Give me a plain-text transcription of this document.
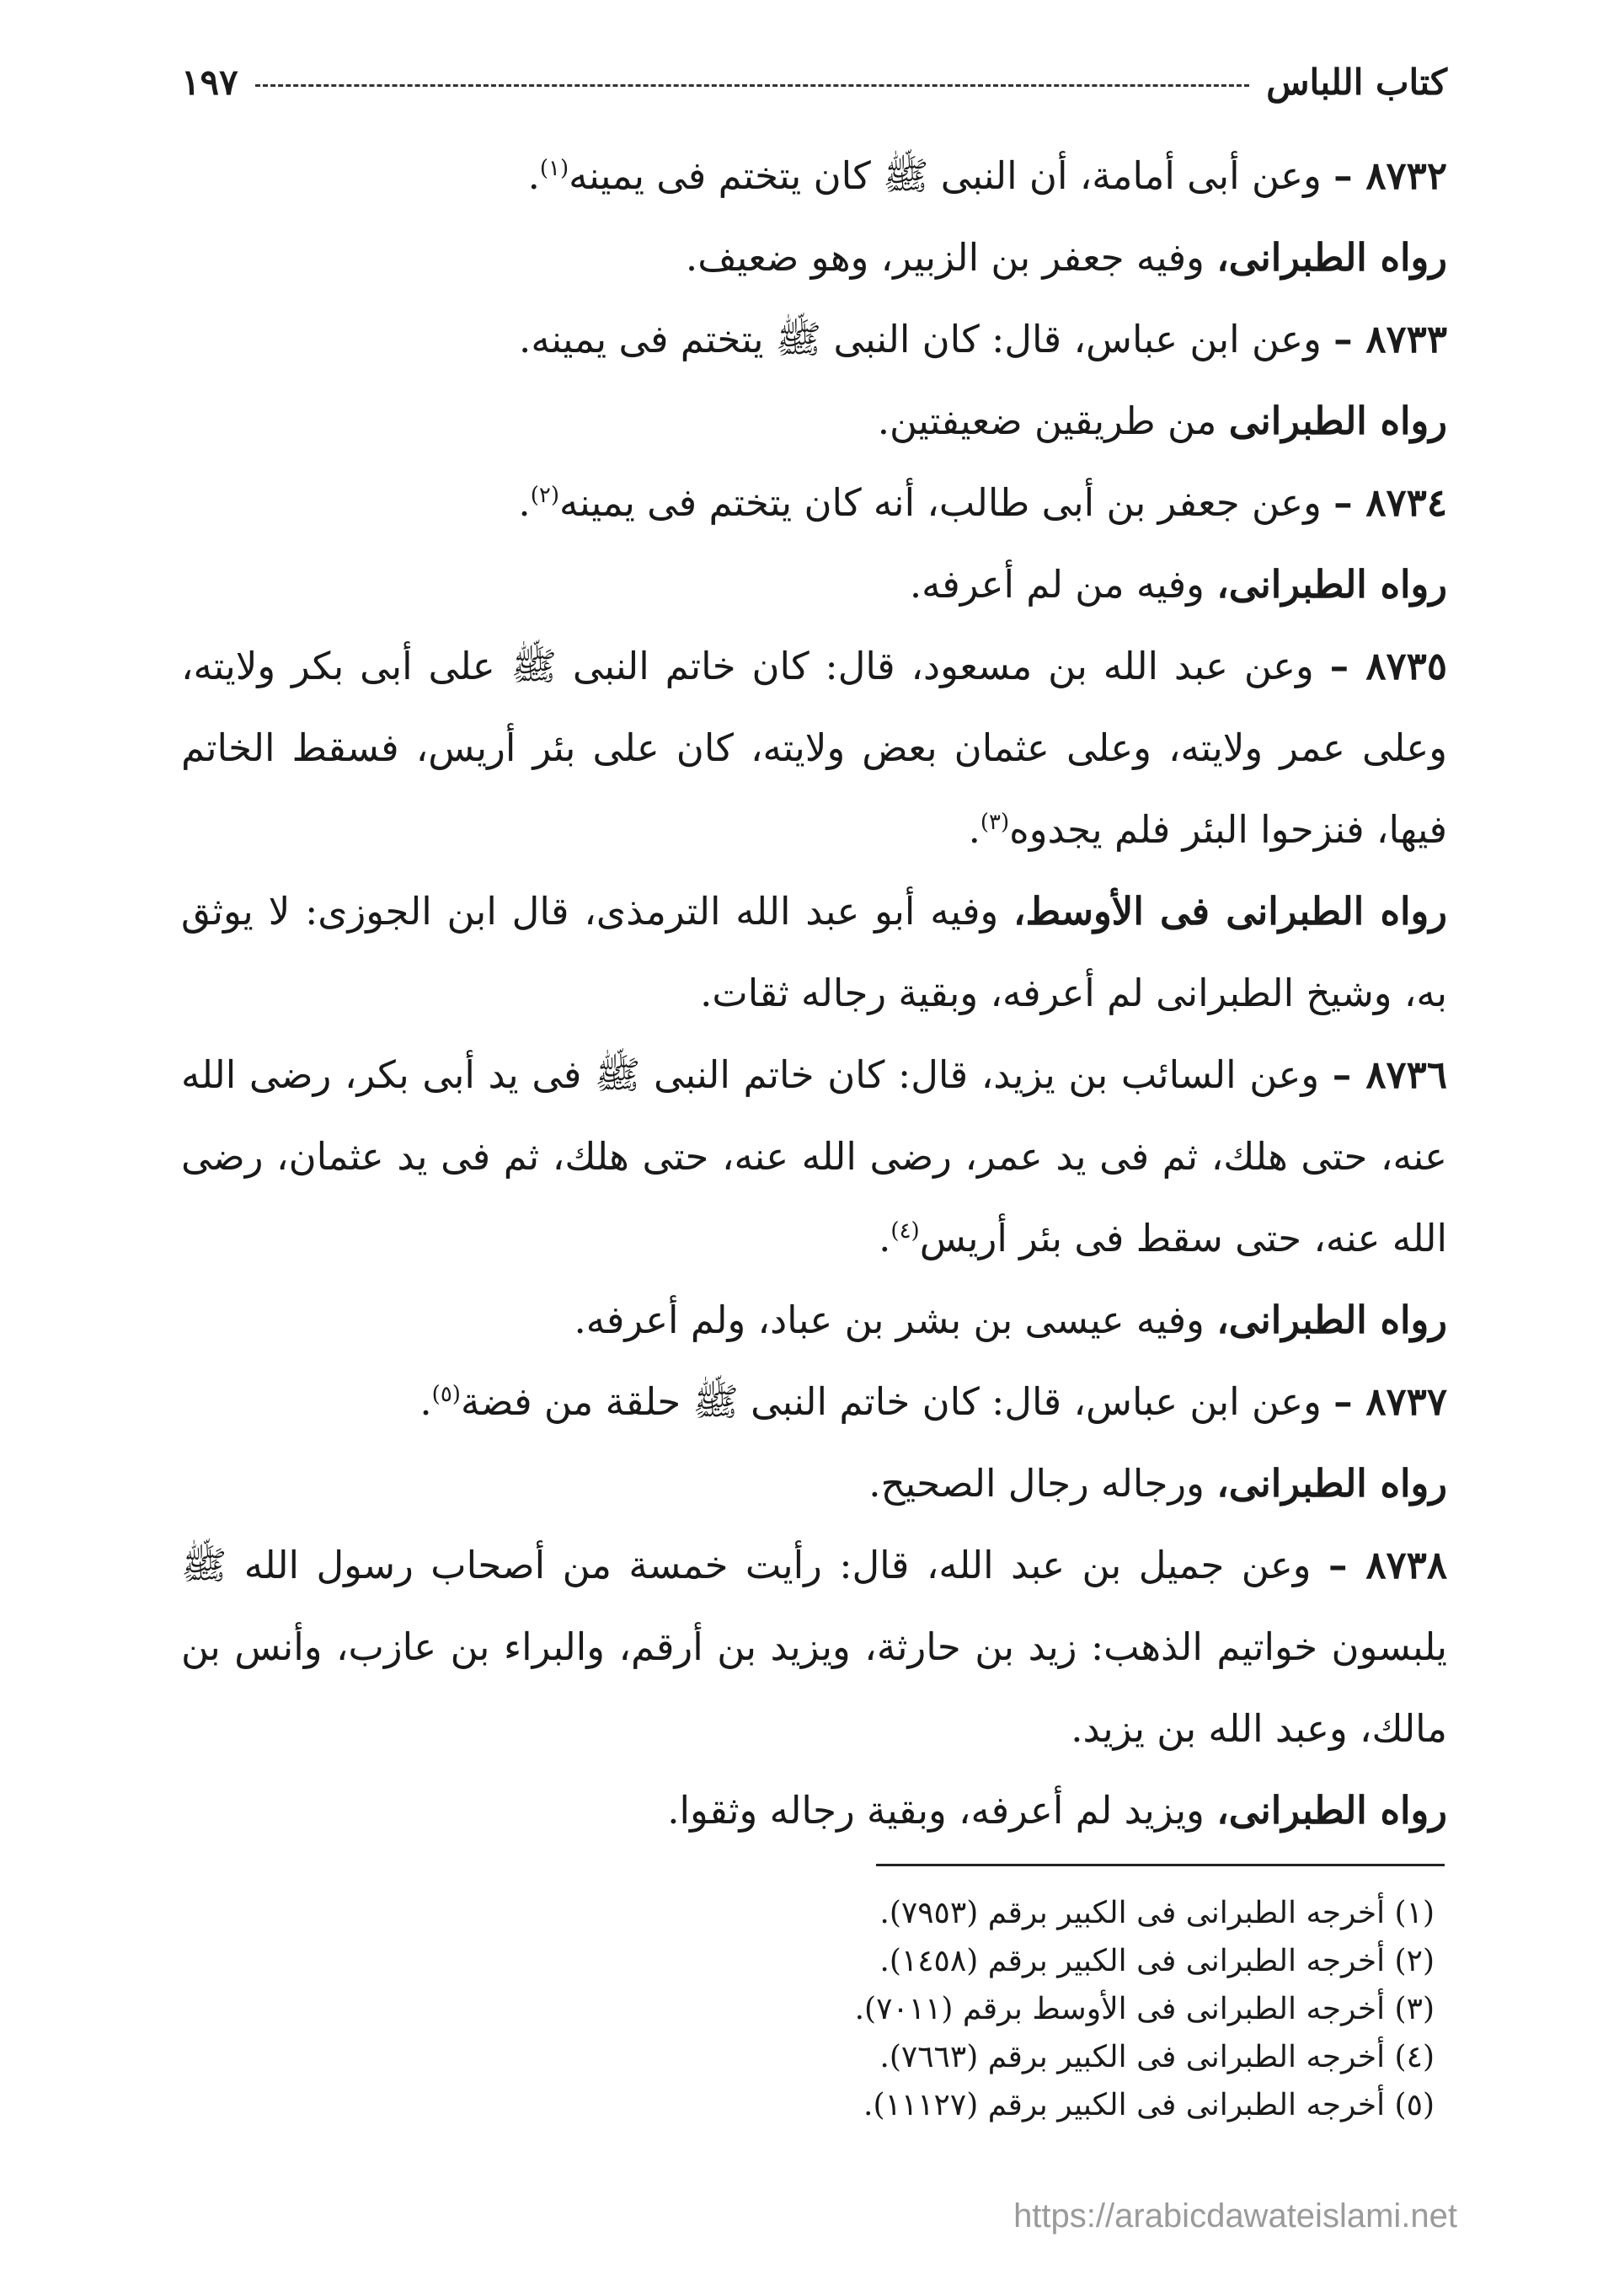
كتاب اللباس
١٩٧

٨٧٣٢ – وعن أبى أمامة، أن النبى ﷺ كان يتختم فى يمينه$^{(١)}$.

رواه الطبرانى، وفيه جعفر بن الزبير، وهو ضعيف.

٨٧٣٣ – وعن ابن عباس، قال: كان النبى ﷺ يتختم فى يمينه.

رواه الطبرانى من طريقين ضعيفتين.

٨٧٣٤ – وعن جعفر بن أبى طالب، أنه كان يتختم فى يمينه$^{(٢)}$.

رواه الطبرانى، وفيه من لم أعرفه.

٨٧٣٥ – وعن عبد الله بن مسعود، قال: كان خاتم النبى ﷺ على أبى بكر ولايته، وعلى عمر ولايته، وعلى عثمان بعض ولايته، كان على بئر أريس، فسقط الخاتم فيها، فنزحوا البئر فلم يجدوه$^{(٣)}$.

رواه الطبرانى فى الأوسط، وفيه أبو عبد الله الترمذى، قال ابن الجوزى: لا يوثق به، وشيخ الطبرانى لم أعرفه، وبقية رجاله ثقات.

٨٧٣٦ – وعن السائب بن يزيد، قال: كان خاتم النبى ﷺ فى يد أبى بكر، رضى الله عنه، حتى هلك، ثم فى يد عمر، رضى الله عنه، حتى هلك، ثم فى يد عثمان، رضى الله عنه، حتى سقط فى بئر أريس$^{(٤)}$.

رواه الطبرانى، وفيه عيسى بن بشر بن عباد، ولم أعرفه.

٨٧٣٧ – وعن ابن عباس، قال: كان خاتم النبى ﷺ حلقة من فضة$^{(٥)}$.

رواه الطبرانى، ورجاله رجال الصحيح.

٨٧٣٨ – وعن جميل بن عبد الله، قال: رأيت خمسة من أصحاب رسول الله ﷺ يلبسون خواتيم الذهب: زيد بن حارثة، ويزيد بن أرقم، والبراء بن عازب، وأنس بن مالك، وعبد الله بن يزيد.

رواه الطبرانى، ويزيد لم أعرفه، وبقية رجاله وثقوا.

(١) أخرجه الطبرانى فى الكبير برقم (٧٩٥٣).

(٢) أخرجه الطبرانى فى الكبير برقم (١٤٥٨).

(٣) أخرجه الطبرانى فى الأوسط برقم (٧٠١١).

(٤) أخرجه الطبرانى فى الكبير برقم (٧٦٦٣).

(٥) أخرجه الطبرانى فى الكبير برقم (١١١٢٧).

https://arabicdawateislami.net
